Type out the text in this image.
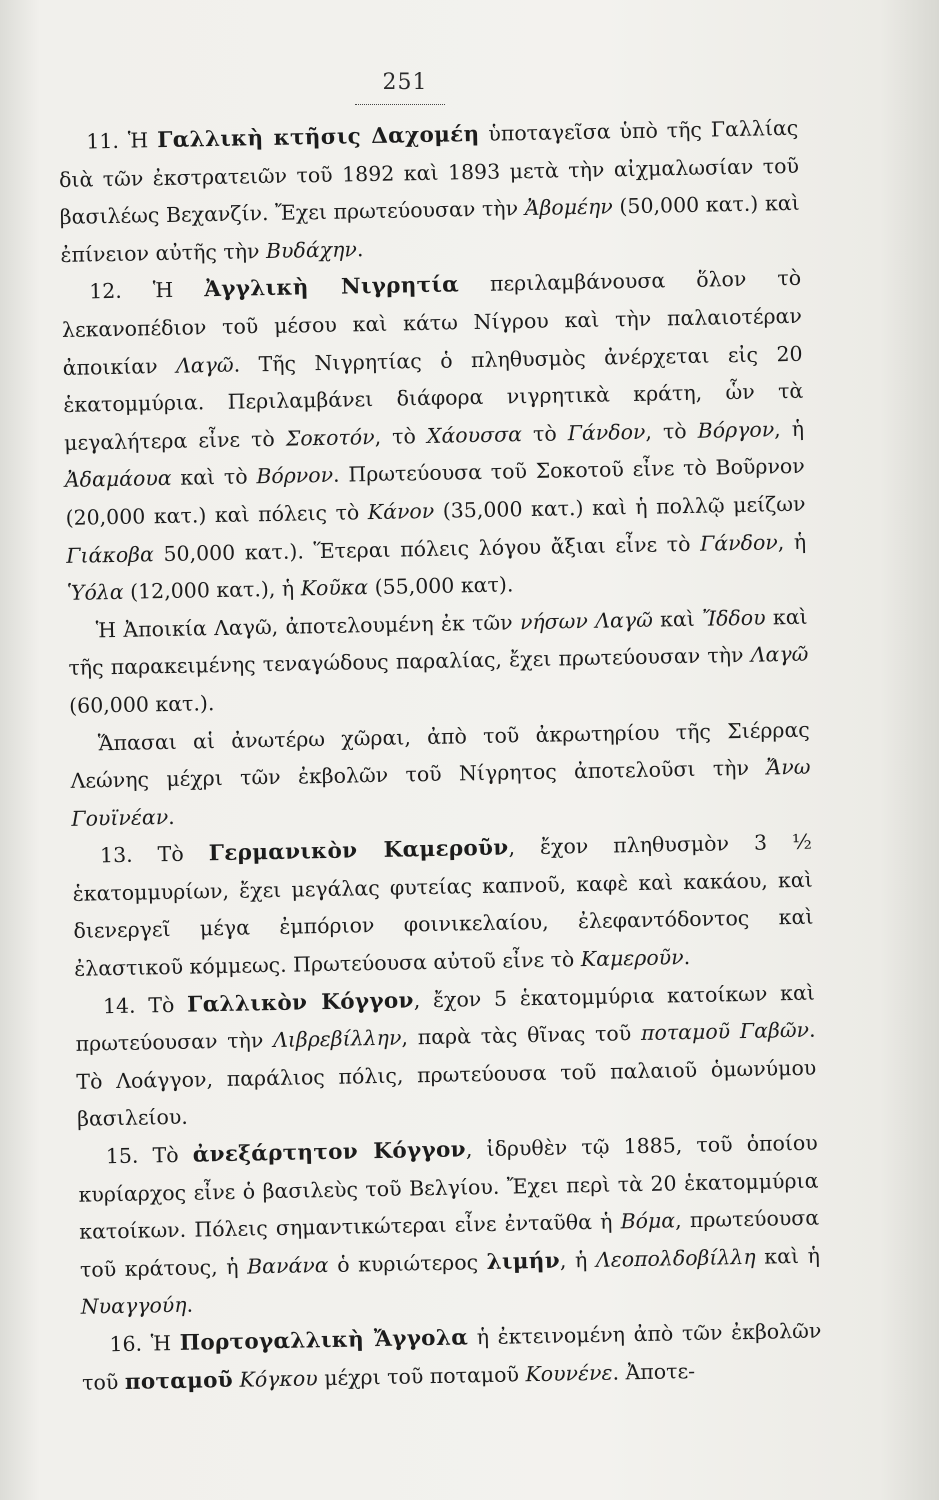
251

11. Ἡ Γαλλικὴ κτῆσις Δαχομέη ὑποταγεῖσα ὑπὸ τῆς Γαλλίας διὰ τῶν ἐκστρατειῶν τοῦ 1892 καὶ 1893 μετὰ τὴν αἰχμαλωσίαν τοῦ βασιλέως Βεχανζίν. Ἔχει πρωτεύουσαν τὴν Ἀβομέην (50,000 κατ.) καὶ ἐπίνειον αὐτῆς τὴν Βυδάχην.

12. Ἡ Ἀγγλικὴ Νιγρητία περιλαμβάνουσα ὅλον τὸ λεκανοπέδιον τοῦ μέσου καὶ κάτω Νίγρου καὶ τὴν παλαιοτέραν ἀποικίαν Λαγῶ. Τῆς Νιγρητίας ὁ πληθυσμὸς ἀνέρχεται εἰς 20 ἑκατομμύρια. Περιλαμβάνει διάφορα νιγρητικὰ κράτη, ὧν τὰ μεγαλήτερα εἶνε τὸ Σοκοτόν, τὸ Χάουσσα τὸ Γάνδον, τὸ Βόργον, ἡ Ἀδαμάουα καὶ τὸ Βόρνον. Πρωτεύουσα τοῦ Σοκοτοῦ εἶνε τὸ Βοῦρνον (20,000 κατ.) καὶ πόλεις τὸ Κάνον (35,000 κατ.) καὶ ἡ πολλῷ μείζων Γιάκοβα 50,000 κατ.). Ἕτεραι πόλεις λόγου ἄξιαι εἶνε τὸ Γάνδον, ἡ Ὑόλα (12,000 κατ.), ἡ Κοῦκα (55,000 κατ).

Ἡ Ἀποικία Λαγῶ, ἀποτελουμένη ἐκ τῶν νήσων Λαγῶ καὶ Ἴδδου καὶ τῆς παρακειμένης τεναγώδους παραλίας, ἔχει πρωτεύουσαν τὴν Λαγῶ (60,000 κατ.).

Ἅπασαι αἱ ἀνωτέρω χῶραι, ἀπὸ τοῦ ἀκρωτηρίου τῆς Σιέρρας Λεώνης μέχρι τῶν ἐκβολῶν τοῦ Νίγρητος ἀποτελοῦσι τὴν Ἄνω Γουϊνέαν.

13. Τὸ Γερμανικὸν Καμεροῦν, ἔχον πληθυσμὸν 3 ½ ἑκατομμυρίων, ἔχει μεγάλας φυτείας καπνοῦ, καφὲ καὶ κακάου, καὶ διενεργεῖ μέγα ἐμπόριον φοινικελαίου, ἐλεφαντόδοντος καὶ ἐλαστικοῦ κόμμεως. Πρωτεύουσα αὐτοῦ εἶνε τὸ Καμεροῦν.

14. Τὸ Γαλλικὸν Κόγγον, ἔχον 5 ἑκατομμύρια κατοίκων καὶ πρωτεύουσαν τὴν Λιβρεβίλλην, παρὰ τὰς θῖνας τοῦ ποταμοῦ Γαβῶν. Τὸ Λοάγγον, παράλιος πόλις, πρωτεύουσα τοῦ παλαιοῦ ὁμωνύμου βασιλείου.

15. Τὸ ἀνεξάρτητον Κόγγον, ἱδρυθὲν τῷ 1885, τοῦ ὁποίου κυρίαρχος εἶνε ὁ βασιλεὺς τοῦ Βελγίου. Ἔχει περὶ τὰ 20 ἑκατομμύρια κατοίκων. Πόλεις σημαντικώτεραι εἶνε ἐνταῦθα ἡ Βόμα, πρωτεύουσα τοῦ κράτους, ἡ Βανάνα ὁ κυριώτερος λιμήν, ἡ Λεοπολδοβίλλη καὶ ἡ Νυαγγούη.

16. Ἡ Πορτογαλλικὴ Ἄγγολα ἡ ἐκτεινομένη ἀπὸ τῶν ἐκβολῶν τοῦ ποταμοῦ Κόγκου μέχρι τοῦ ποταμοῦ Κουνένε. Ἀποτε-
